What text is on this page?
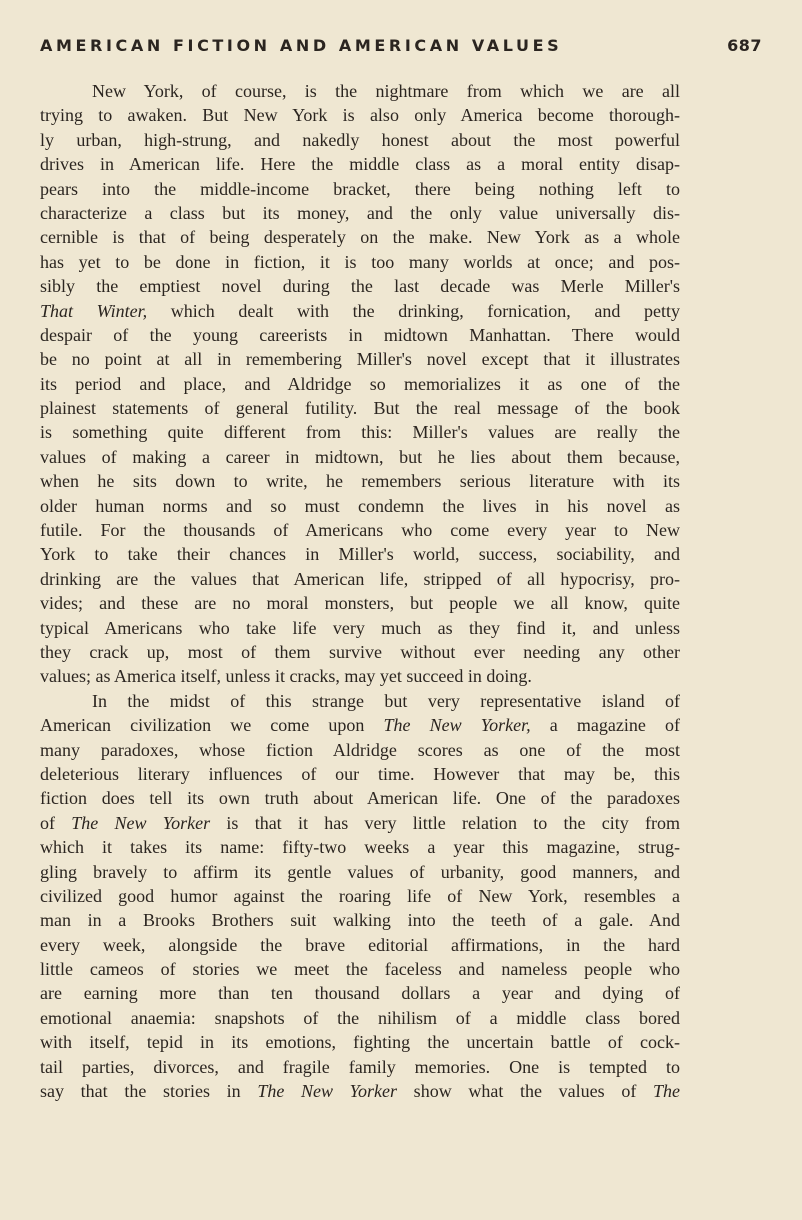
AMERICAN FICTION AND AMERICAN VALUES	687
New York, of course, is the nightmare from which we are all
trying to awaken. But New York is also only America become thorough-
ly urban, high-strung, and nakedly honest about the most powerful
drives in American life. Here the middle class as a moral entity disap-
pears into the middle-income bracket, there being nothing left to
characterize a class but its money, and the only value universally dis-
cernible is that of being desperately on the make. New York as a whole
has yet to be done in fiction, it is too many worlds at once; and pos-
sibly the emptiest novel during the last decade was Merle Miller's
That Winter, which dealt with the drinking, fornication, and petty
despair of the young careerists in midtown Manhattan. There would
be no point at all in remembering Miller's novel except that it illustrates
its period and place, and Aldridge so memorializes it as one of the
plainest statements of general futility. But the real message of the book
is something quite different from this: Miller's values are really the
values of making a career in midtown, but he lies about them because,
when he sits down to write, he remembers serious literature with its
older human norms and so must condemn the lives in his novel as
futile. For the thousands of Americans who come every year to New
York to take their chances in Miller's world, success, sociability, and
drinking are the values that American life, stripped of all hypocrisy, pro-
vides; and these are no moral monsters, but people we all know, quite
typical Americans who take life very much as they find it, and unless
they crack up, most of them survive without ever needing any other
values; as America itself, unless it cracks, may yet succeed in doing.
In the midst of this strange but very representative island of
American civilization we come upon The New Yorker, a magazine of
many paradoxes, whose fiction Aldridge scores as one of the most
deleterious literary influences of our time. However that may be, this
fiction does tell its own truth about American life. One of the paradoxes
of The New Yorker is that it has very little relation to the city from
which it takes its name: fifty-two weeks a year this magazine, strug-
gling bravely to affirm its gentle values of urbanity, good manners, and
civilized good humor against the roaring life of New York, resembles a
man in a Brooks Brothers suit walking into the teeth of a gale. And
every week, alongside the brave editorial affirmations, in the hard
little cameos of stories we meet the faceless and nameless people who
are earning more than ten thousand dollars a year and dying of
emotional anaemia: snapshots of the nihilism of a middle class bored
with itself, tepid in its emotions, fighting the uncertain battle of cock-
tail parties, divorces, and fragile family memories. One is tempted to
say that the stories in The New Yorker show what the values of The
